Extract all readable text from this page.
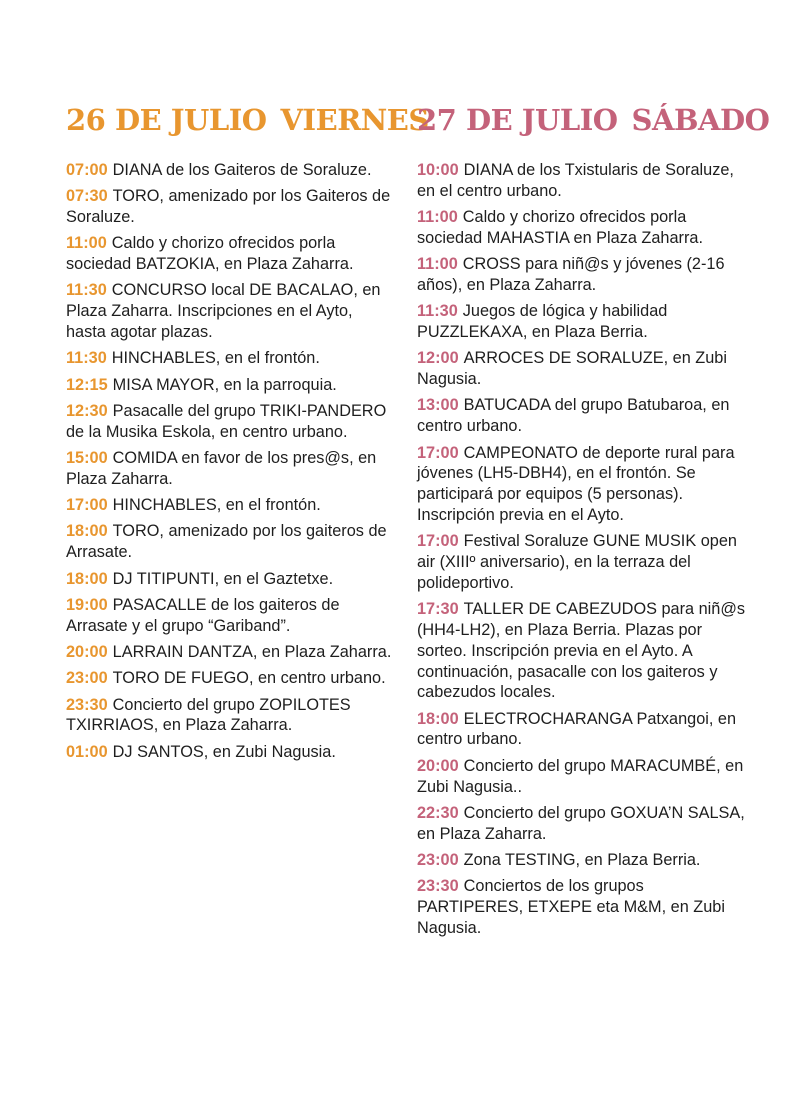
26 DE JULIO VIERNES
07:00 DIANA de los Gaiteros de Soraluze.
07:30 TORO, amenizado por los Gaiteros de Soraluze.
11:00 Caldo y chorizo ofrecidos porla sociedad BATZOKIA, en Plaza Zaharra.
11:30 CONCURSO local DE BACALAO, en Plaza Zaharra. Inscripciones en el Ayto, hasta agotar plazas.
11:30 HINCHABLES, en el frontón.
12:15 MISA MAYOR, en la parroquia.
12:30 Pasacalle del grupo TRIKI-PANDERO de la Musika Eskola, en centro urbano.
15:00 COMIDA en favor de los pres@s, en Plaza Zaharra.
17:00 HINCHABLES, en el frontón.
18:00 TORO, amenizado por los gaiteros de Arrasate.
18:00 DJ TITIPUNTI, en el Gaztetxe.
19:00 PASACALLE de los gaiteros de Arrasate y el grupo “Gariband”.
20:00 LARRAIN DANTZA, en Plaza Zaharra.
23:00 TORO DE FUEGO, en centro urbano.
23:30 Concierto del grupo ZOPILOTES TXIRRIAOS, en Plaza Zaharra.
01:00 DJ SANTOS, en Zubi Nagusia.
27 DE JULIO SÁBADO
10:00 DIANA de los Txistularis de Soraluze, en el centro urbano.
11:00 Caldo y chorizo ofrecidos porla sociedad MAHASTIA en Plaza Zaharra.
11:00 CROSS para niñ@s y jóvenes (2-16 años), en Plaza Zaharra.
11:30 Juegos de lógica y habilidad PUZZLEKAXA, en Plaza Berria.
12:00 ARROCES DE SORALUZE, en Zubi Nagusia.
13:00 BATUCADA del grupo Batubaroa, en centro urbano.
17:00 CAMPEONATO de deporte rural para jóvenes (LH5-DBH4), en el frontón. Se participará por equipos (5 personas). Inscripción previa en el Ayto.
17:00 Festival Soraluze GUNE MUSIK open air (XIIIº aniversario), en la terraza del polideportivo.
17:30 TALLER DE CABEZUDOS para niñ@s (HH4-LH2), en Plaza Berria. Plazas por sorteo. Inscripción previa en el Ayto. A continuación, pasacalle con los gaiteros y cabezudos locales.
18:00 ELECTROCHARANGA Patxangoi, en centro urbano.
20:00 Concierto del grupo MARACUMBÉ, en Zubi Nagusia..
22:30 Concierto del grupo GOXUA’N SALSA, en Plaza Zaharra.
23:00 Zona TESTING, en Plaza Berria.
23:30 Conciertos de los grupos PARTIPERES, ETXEPE eta M&M, en Zubi Nagusia.
